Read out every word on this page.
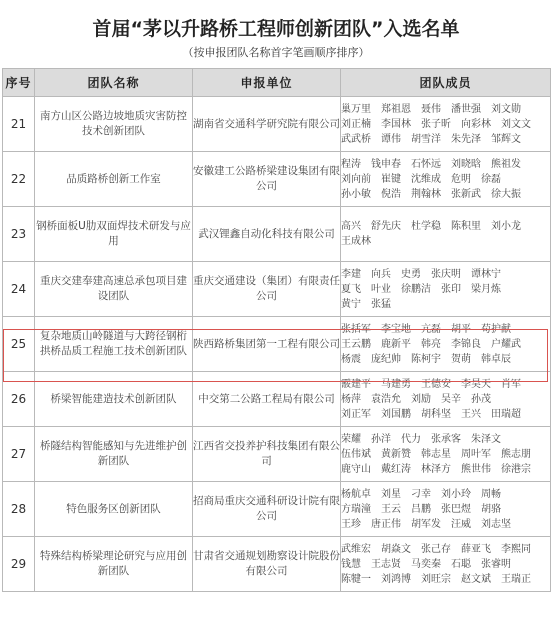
首届“茅以升路桥工程师创新团队”入选名单
（按申报团队名称首字笔画顺序排序）
序号	团队名称	申报单位	团队成员
21	南方山区公路边坡地质灾害防控技术创新团队	湖南省交通科学研究院有限公司	巢万里　郑祖恩　聂伟　潘世强　刘文勋
刘正楠　李国林　张子昕　向彩林　刘文文
武武桥　谭伟　胡雪洋　朱先泽　邹辉文

22	品质路桥创新工作室	安徽建工公路桥梁建设集团有限公司	程涛　钱申春　石怀远　刘晓晗　熊祖发
刘向前　崔键　沈维成　危明　徐磊
孙小敏　倪浩　荆翰林　张新武　徐大振

23	钢桥面板U肋双面焊技术研发与应用	武汉锂鑫自动化科技有限公司	高兴　舒先庆　杜学稳　陈积里　刘小龙
王成林

24	重庆交建奉建高速总承包项目建设团队	重庆交通建设（集团）有限责任公司	李建　向兵　史勇　张庆明　谭林宁
夏飞　叶业　徐鹏洁　张印　梁月炼
黄宁　张猛

25	复杂地质山岭隧道与大跨径钢桁拱桥品质工程施工技术创新团队	陕西路桥集团第一工程有限公司	张括军　李宝地　亢磊　胡平　苟护献
王云鹏　鹿新平　韩亮　李锦良　户耀武
杨震　庞纪帅　陈柯宇　贺萌　韩卓辰

26	桥梁智能建造技术创新团队	中交第二公路工程局有限公司	霰建平　马建勇　王德安　李昊天　肖军
杨萍　袁浩允　刘励　吴辛　孙茂
刘正军　刘国鹏　胡科坚　王兴　田瑞超

27	桥隧结构智能感知与先进维护创新团队	江西省交投养护科技集团有限公司	荣耀　孙洋　代力　张承客　朱泽文
伍伟斌　黄新赞　韩志星　周叶军　熊志朋
鹿守山　戴红涛　林泽方　熊世伟　徐港宗

28	特色服务区创新团队	招商局重庆交通科研设计院有限公司	杨航卓　刘星　刁幸　刘小玲　周畅
方瑞潼　王云　吕鹏　张巴煜　胡骆
王珍　唐正伟　胡军发　汪威　刘志坚

29	特殊结构桥梁理论研究与应用创新团队	甘肃省交通规划勘察设计院股份有限公司	武维宏　胡焱文　张己存　薛亚飞　李熙同
钱慧　王志贤　马奕秦　石聪　张睿明
陈犍一　刘鸿博　刘旺宗　赵文斌　王瑞正
